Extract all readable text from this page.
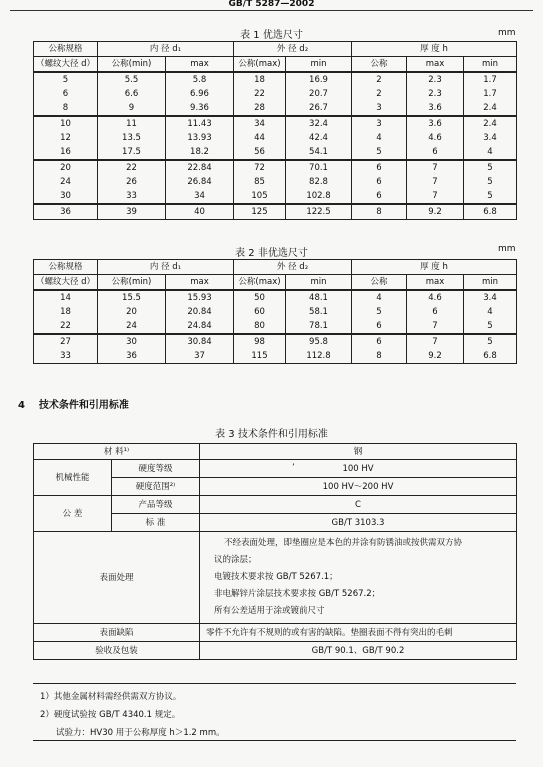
GB/T 5287—2002
表 1 优选尺寸	mm
公称规格	内 径 d₁		外 径 d₂		厚 度 h		
（螺纹大径 d）	公称(min)	max	公称(max)	min	公称	max	min
5	5.5	5.8	18	16.9	2	2.3	1.7
6	6.6	6.96	22	20.7	2	2.3	1.7
8	9	9.36	28	26.7	3	3.6	2.4
10	11	11.43	34	32.4	3	3.6	2.4
12	13.5	13.93	44	42.4	4	4.6	3.4
16	17.5	18.2	56	54.1	5	6	4
20	22	22.84	72	70.1	6	7	5
24	26	26.84	85	82.8	6	7	5
30	33	34	105	102.8	6	7	5
36	39	40	125	122.5	8	9.2	6.8
表 2 非优选尺寸	mm
公称规格	内 径 d₁		外 径 d₂		厚 度 h		
（螺纹大径 d）	公称(min)	max	公称(max)	min	公称	max	min
14	15.5	15.93	50	48.1	4	4.6	3.4
18	20	20.84	60	58.1	5	6	4
22	24	24.84	80	78.1	6	7	5
27	30	30.84	98	95.8	6	7	5
33	36	37	115	112.8	8	9.2	6.8
4 技术条件和引用标准
表 3 技术条件和引用标准
材 料¹⁾		钢
机械性能	硬度等级	ʼ 100 HV
	硬度范围²⁾	100 HV～200 HV
公 差	产品等级	C
	标 准	GB/T 3103.3
表面处理		不经表面处理，即垫圈应是本色的并涂有防锈油或按供需双方协
议的涂层；
电镀技术要求按 GB/T 5267.1；
非电解锌片涂层技术要求按 GB/T 5267.2；
所有公差适用于涂或镀前尺寸

表面缺陷		零件不允许有不规则的或有害的缺陷。垫圈表面不得有突出的毛刺
验收及包装		GB/T 90.1、GB/T 90.2
1）其他金属材料需经供需双方协议。
2）硬度试验按 GB/T 4340.1 规定。
试验力：HV30 用于公称厚度 h＞1.2 mm。
